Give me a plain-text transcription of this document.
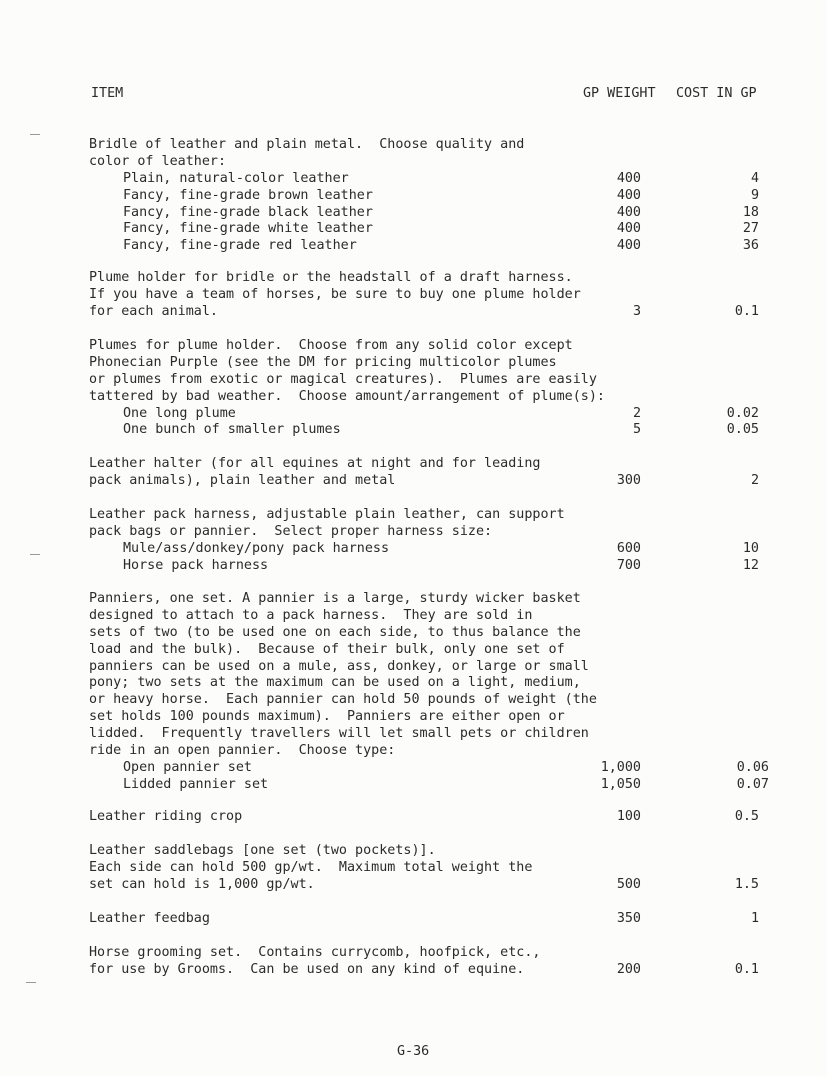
ITEM	GP WEIGHT COST IN GP
Bridle of leather and plain metal.  Choose quality and
color of leather:
Plain, natural-color leather	400	4
Fancy, fine-grade brown leather	400	9
Fancy, fine-grade black leather	400	18
Fancy, fine-grade white leather	400	27
Fancy, fine-grade red leather	400	36
Plume holder for bridle or the headstall of a draft harness.
If you have a team of horses, be sure to buy one plume holder
for each animal.	3	0.1
Plumes for plume holder.  Choose from any solid color except
Phonecian Purple (see the DM for pricing multicolor plumes
or plumes from exotic or magical creatures).  Plumes are easily
tattered by bad weather.  Choose amount/arrangement of plume(s):
One long plume	2	0.02
One bunch of smaller plumes	5	0.05
Leather halter (for all equines at night and for leading
pack animals), plain leather and metal	300	2
Leather pack harness, adjustable plain leather, can support
pack bags or pannier.  Select proper harness size:
Mule/ass/donkey/pony pack harness	600	10
Horse pack harness	700	12
Panniers, one set. A pannier is a large, sturdy wicker basket
designed to attach to a pack harness.  They are sold in
sets of two (to be used one on each side, to thus balance the
load and the bulk).  Because of their bulk, only one set of
panniers can be used on a mule, ass, donkey, or large or small
pony; two sets at the maximum can be used on a light, medium,
or heavy horse.  Each pannier can hold 50 pounds of weight (the
set holds 100 pounds maximum).  Panniers are either open or
lidded.  Frequently travellers will let small pets or children
ride in an open pannier.  Choose type:
Open pannier set	1,000	0.06
Lidded pannier set	1,050	0.07
Leather riding crop	100	0.5
Leather saddlebags [one set (two pockets)].
Each side can hold 500 gp/wt.  Maximum total weight the
set can hold is 1,000 gp/wt.	500	1.5
Leather feedbag	350	1
Horse grooming set.  Contains currycomb, hoofpick, etc.,
for use by Grooms.  Can be used on any kind of equine.	200	0.1
G-36
